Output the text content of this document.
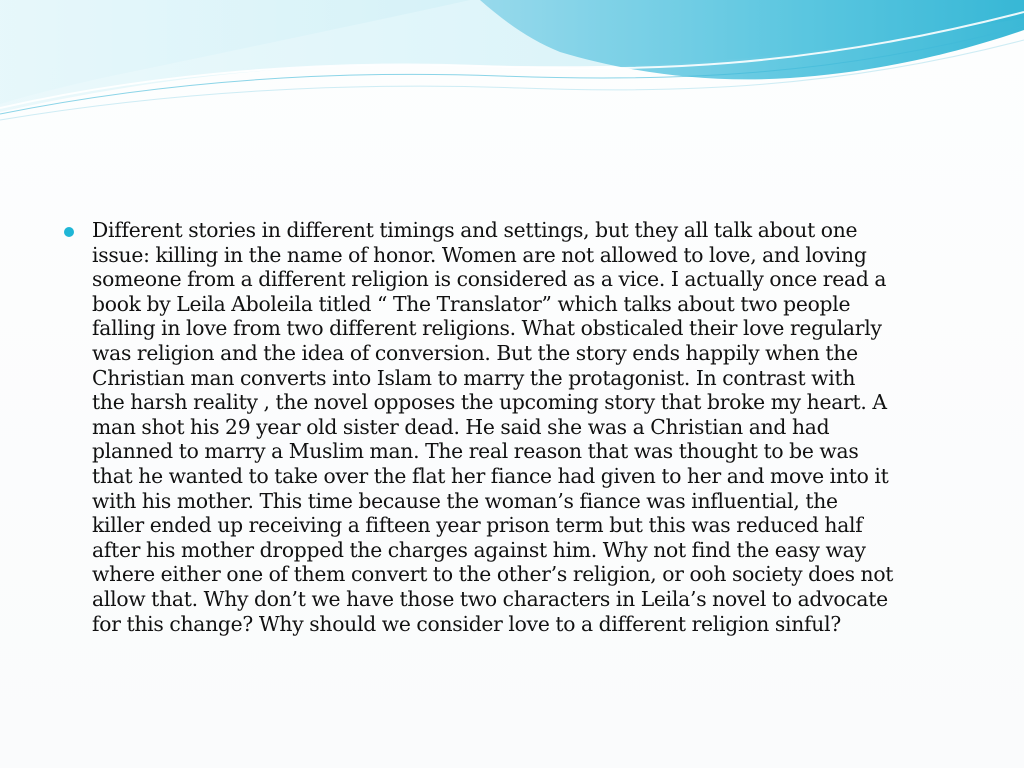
Different stories in different timings and settings, but they all talk about one
issue: killing in the name of honor. Women are not allowed to love, and loving
someone from a different religion is considered as a vice. I actually once read a
book by Leila Aboleila titled “ The Translator” which talks about two people
falling in love from two different religions. What obsticaled their love regularly
was religion and the idea of conversion. But the story ends happily when the
Christian man converts into Islam to marry the protagonist. In contrast with
the harsh reality , the novel opposes the upcoming story that broke my heart. A
man shot his 29 year old sister dead. He said she was a Christian and had
planned to marry a Muslim man. The real reason that was thought to be was
that he wanted to take over the flat her fiance had given to her and move into it
with his mother. This time because the woman’s fiance was influential, the
killer ended up receiving a fifteen year prison term but this was reduced half
after his mother dropped the charges against him. Why not find the easy way
where either one of them convert to the other’s religion, or ooh society does not
allow that. Why don’t we have those two characters in Leila’s novel to advocate
for this change? Why should we consider love to a different religion sinful?
